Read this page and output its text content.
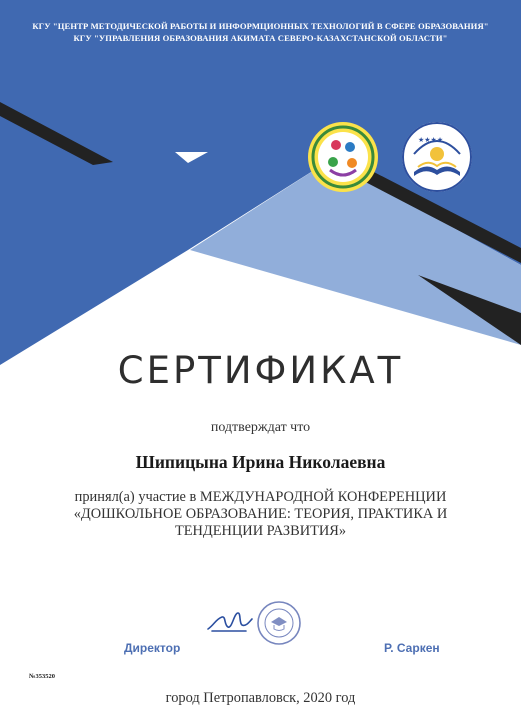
КГУ "ЦЕНТР МЕТОДИЧЕСКОЙ РАБОТЫ И ИНФОРМЦИОННЫХ ТЕХНОЛОГИЙ В СФЕРЕ ОБРАЗОВАНИЯ"
КГУ "УПРАВЛЕНИЯ ОБРАЗОВАНИЯ АКИМАТА СЕВЕРО-КАЗАХСТАНСКОЙ ОБЛАСТИ"
★★★★
СЕРТИФИКАТ
подтверждат что
Шипицына Ирина Николаевна
принял(а) участие в МЕЖДУНАРОДНОЙ КОНФЕРЕНЦИИ
«ДОШКОЛЬНОЕ ОБРАЗОВАНИЕ: ТЕОРИЯ, ПРАКТИКА И
ТЕНДЕНЦИИ РАЗВИТИЯ»
Директор	Р. Саркен
№353520
город Петропавловск, 2020 год
